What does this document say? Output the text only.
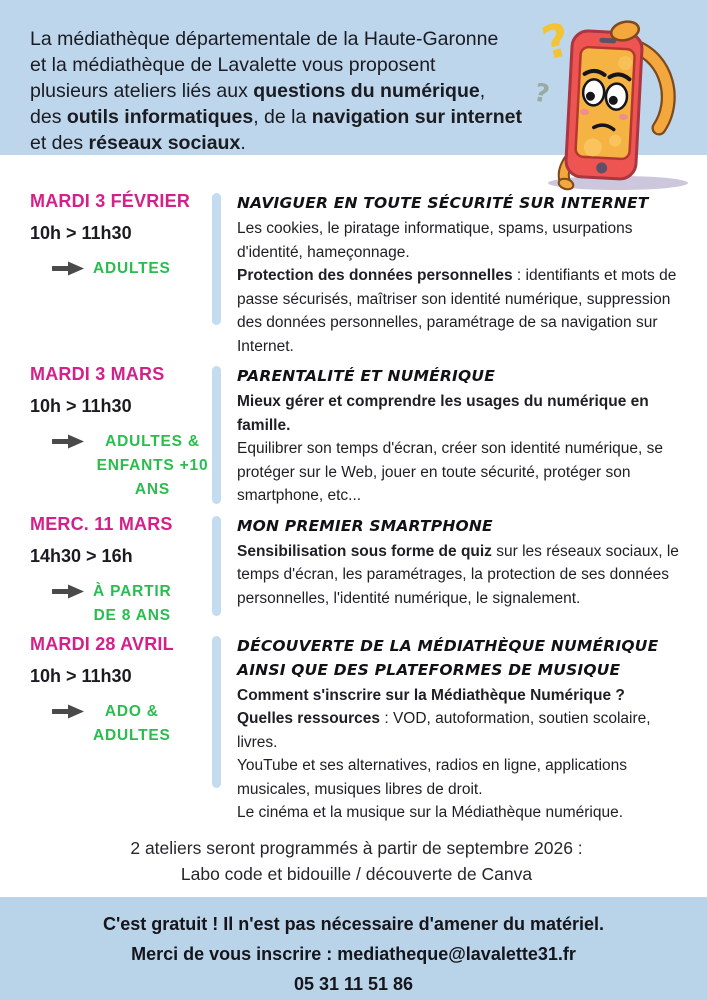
La médiathèque départementale de la Haute-Garonne
et la médiathèque de Lavalette vous proposent
plusieurs ateliers liés aux questions du numérique,
des outils informatiques, de la navigation sur internet
et des réseaux sociaux.
?
?
MARDI 3 FÉVRIER
10h > 11h30
ADULTES
NAVIGUER EN TOUTE SÉCURITÉ SUR INTERNET

Les cookies, le piratage informatique, spams, usurpations d'identité, hameçonnage.

Protection des données personnelles : identifiants et mots de passe sécurisés, maîtriser son identité numérique, suppression des données personnelles, paramétrage de sa navigation sur Internet.

MARDI 3 MARS
10h > 11h30
ADULTES &
ENFANTS +10 ANS
PARENTALITÉ ET NUMÉRIQUE

Mieux gérer et comprendre les usages du numérique en famille.

Equilibrer son temps d'écran, créer son identité numérique, se protéger sur le Web, jouer en toute sécurité, protéger son smartphone, etc...

MERC. 11 MARS
14h30 > 16h
À PARTIR
DE 8 ANS
MON PREMIER SMARTPHONE

Sensibilisation sous forme de quiz sur les réseaux sociaux, le temps d'écran, les paramétrages, la protection de ses données personnelles, l'identité numérique, le signalement.

MARDI 28 AVRIL
10h > 11h30
ADO &
ADULTES
DÉCOUVERTE DE LA MÉDIATHÈQUE NUMÉRIQUE AINSI QUE DES PLATEFORMES DE MUSIQUE

Comment s'inscrire sur la Médiathèque Numérique ?

Quelles ressources : VOD, autoformation, soutien scolaire, livres.

YouTube et ses alternatives, radios en ligne, applications musicales, musiques libres de droit.

Le cinéma et la musique sur la Médiathèque numérique.

2 ateliers seront programmés à partir de septembre 2026 :
Labo code et bidouille / découverte de Canva
C'est gratuit ! Il n'est pas nécessaire d'amener du matériel.
Merci de vous inscrire : mediatheque@lavalette31.fr
05 31 11 51 86
